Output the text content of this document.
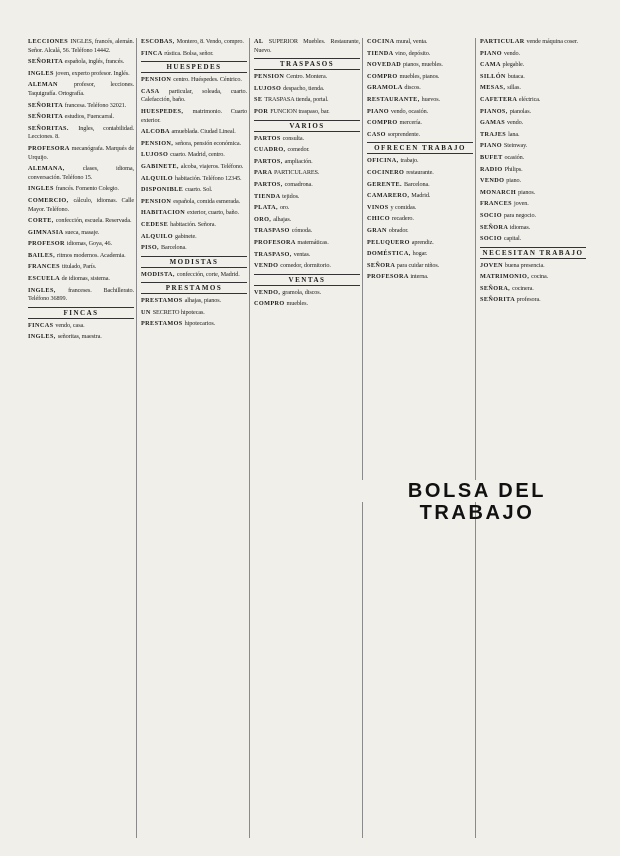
LECCIONES INGLES, francés, alemán. Señor. Alcalá, 56. Teléfono 14442.

SEÑORITA española, inglés, francés.

INGLES joven, experto profesor. Inglés.

ALEMAN profesor, lecciones. Taquigrafía. Ortografía.

SEÑORITA francesa. Teléfono 32021.

SEÑORITA estudios, Fuencarral.

SEÑORITAS. Ingles, contabilidad. Lecciones. 8.

PROFESORA mecanógrafa. Marqués de Urquijo.

ALEMANA, clases, idioma, conversación. Teléfono 15.

INGLES francés. Fomento Colegio.

COMERCIO, cálculo, idiomas. Calle Mayor. Teléfono.

CORTE, confección, escuela. Reservada.

GIMNASIA sueca, masaje.

PROFESOR idiomas, Goya, 46.

BAILES, ritmos modernos. Academia.

FRANCES titulado, París.

ESCUELA de idiomas, sistema.

INGLES, franceses. Bachillerato. Teléfono 36899.

FINCAS

FINCAS vendo, casa.

INGLES, señoritas, maestra.

ESCOBAS, Montero, 8. Vendo, compro.

FINCA rústica. Bolsa, señor.

HUESPEDES

PENSION centro. Huéspedes. Céntrico.

CASA particular, soleada, cuarto. Calefacción, baño.

HUESPEDES, matrimonio. Cuarto exterior.

ALCOBA amueblada. Ciudad Lineal.

PENSION, señora, pensión económica.

LUJOSO cuarto. Madrid, centro.

GABINETE, alcoba, viajeros. Teléfono.

ALQUILO habitación. Teléfono 12345.

DISPONIBLE cuarto. Sol.

PENSION española, comida esmerada.

HABITACION exterior, cuarto, baño.

CEDESE habitación. Señora.

ALQUILO gabinete.

PISO, Barcelona.

MODISTAS

MODISTA, confección, corte, Madrid.

PRESTAMOS

PRESTAMOS alhajas, pianos.

UN SECRETO hipotecas.

PRESTAMOS hipotecarios.

AL SUPERIOR Muebles. Restaurante, Nuevo.

TRASPASOS

PENSION Centro. Montera.

LUJOSO despacho, tienda.

SE TRASPASA tienda, portal.

POR FUNCION traspaso, bar.

VARIOS

PARTOS consulta.

CUADRO, comedor.

PARTOS, ampliación.

PARA PARTICULARES.

PARTOS, comadrona.

TIENDA tejidos.

PLATA, oro.

ORO, alhajas.

TRASPASO cómoda.

PROFESORA matemáticas.

TRASPASO, ventas.

VENDO comedor, dormitorio.

VENTAS

VENDO, gramola, discos.

COMPRO muebles.

COCINA mural, venta.

TIENDA vino, depósito.

NOVEDAD pianos, muebles.

COMPRO muebles, pianos.

GRAMOLA discos.

RESTAURANTE, huevos.

PIANO vendo, ocasión.

COMPRO mercería.

CASO sorprendente.

OFRECEN TRABAJO

OFICINA, trabajo.

COCINERO restaurante.

GERENTE. Barcelona.

CAMARERO, Madrid.

VINOS y comidas.

CHICO recadero.

GRAN obrador.

PELUQUERO aprendiz.

DOMÉSTICA, hogar.

SEÑORA para cuidar niños.

PROFESORA interna.

PARTICULAR vende máquina coser.

PIANO vendo.

CAMA plegable.

SILLÓN butaca.

MESAS, sillas.

CAFETERA eléctrica.

PIANOS, pianolas.

GAMAS vendo.

TRAJES lana.

PIANO Steinway.

BUFET ocasión.

RADIO Philips.

VENDO piano.

MONARCH pianos.

FRANCES joven.

SOCIO para negocio.

SEÑORA idiomas.

SOCIO capital.

NECESITAN TRABAJO

JOVEN buena presencia.

MATRIMONIO, cocina.

SEÑORA, cocinera.

SEÑORITA profesora.

BOLSA DEL TRABAJO
